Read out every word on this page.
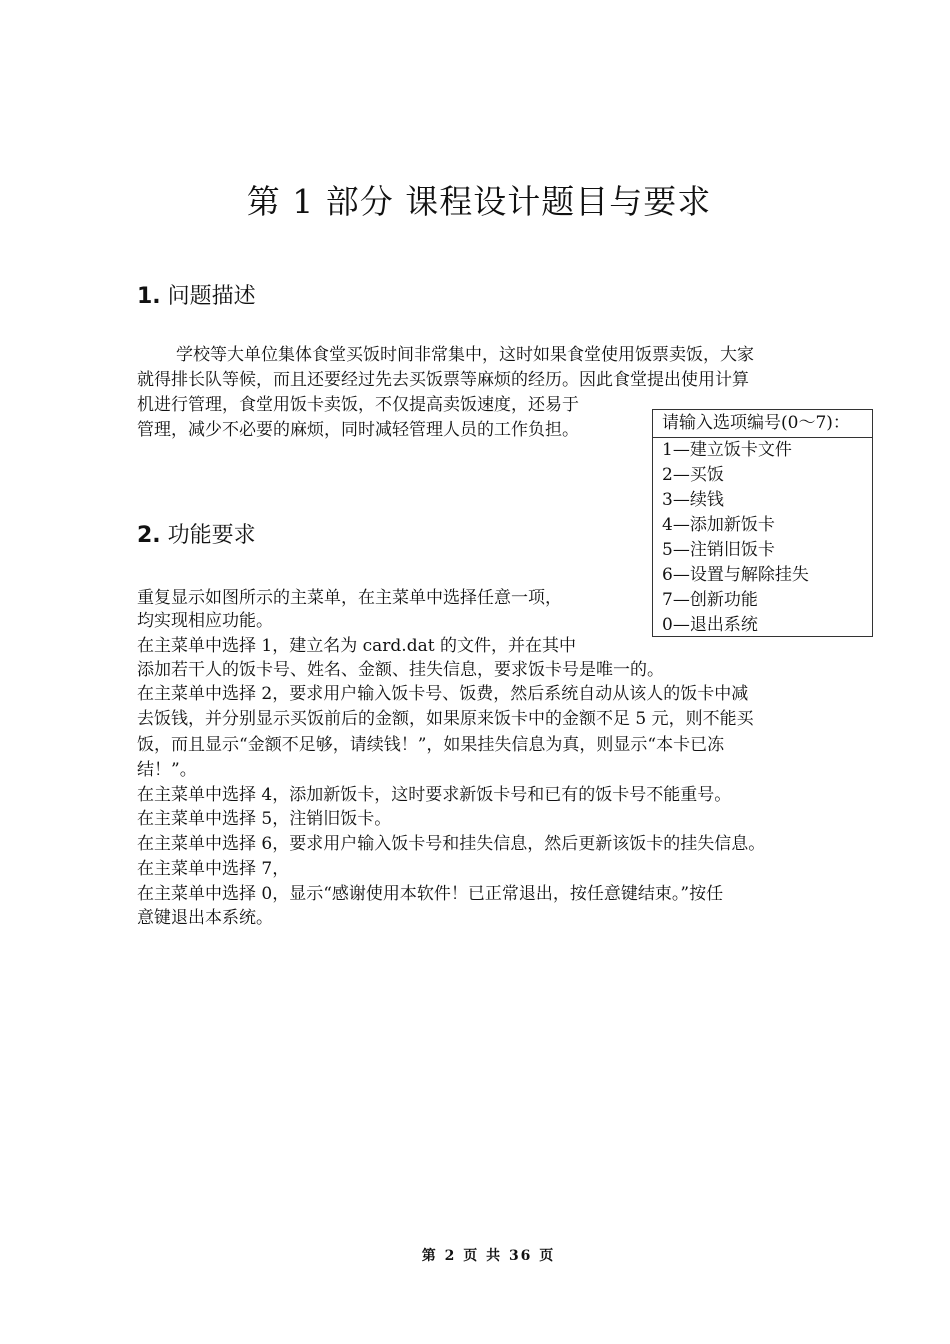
第 1 部分 课程设计题目与要求
1. 问题描述
学校等大单位集体食堂买饭时间非常集中，这时如果食堂使用饭票卖饭，大家
就得排长队等候，而且还要经过先去买饭票等麻烦的经历。因此食堂提出使用计算
机进行管理，食堂用饭卡卖饭，不仅提高卖饭速度，还易于
管理，减少不必要的麻烦，同时减轻管理人员的工作负担。	请输入选项编号(0～7)：
1—建立饭卡文件
2—买饭
3—续钱
4—添加新饭卡
5—注销旧饭卡
6—设置与解除挂失
7—创新功能
0—退出系统
2. 功能要求
重复显示如图所示的主菜单，在主菜单中选择任意一项，
均实现相应功能。
在主菜单中选择 1，建立名为 card.dat 的文件，并在其中
添加若干人的饭卡号、姓名、金额、挂失信息，要求饭卡号是唯一的。
在主菜单中选择 2，要求用户输入饭卡号、饭费，然后系统自动从该人的饭卡中减
去饭钱，并分别显示买饭前后的金额，如果原来饭卡中的金额不足 5 元，则不能买
饭，而且显示“金额不足够，请续钱！”，如果挂失信息为真，则显示“本卡已冻
结！”。
在主菜单中选择 4，添加新饭卡，这时要求新饭卡号和已有的饭卡号不能重号。
在主菜单中选择 5，注销旧饭卡。
在主菜单中选择 6，要求用户输入饭卡号和挂失信息，然后更新该饭卡的挂失信息。
在主菜单中选择 7，
在主菜单中选择 0，显示“感谢使用本软件！已正常退出，按任意键结束。”按任
意键退出本系统。
第 2 页 共 36 页
